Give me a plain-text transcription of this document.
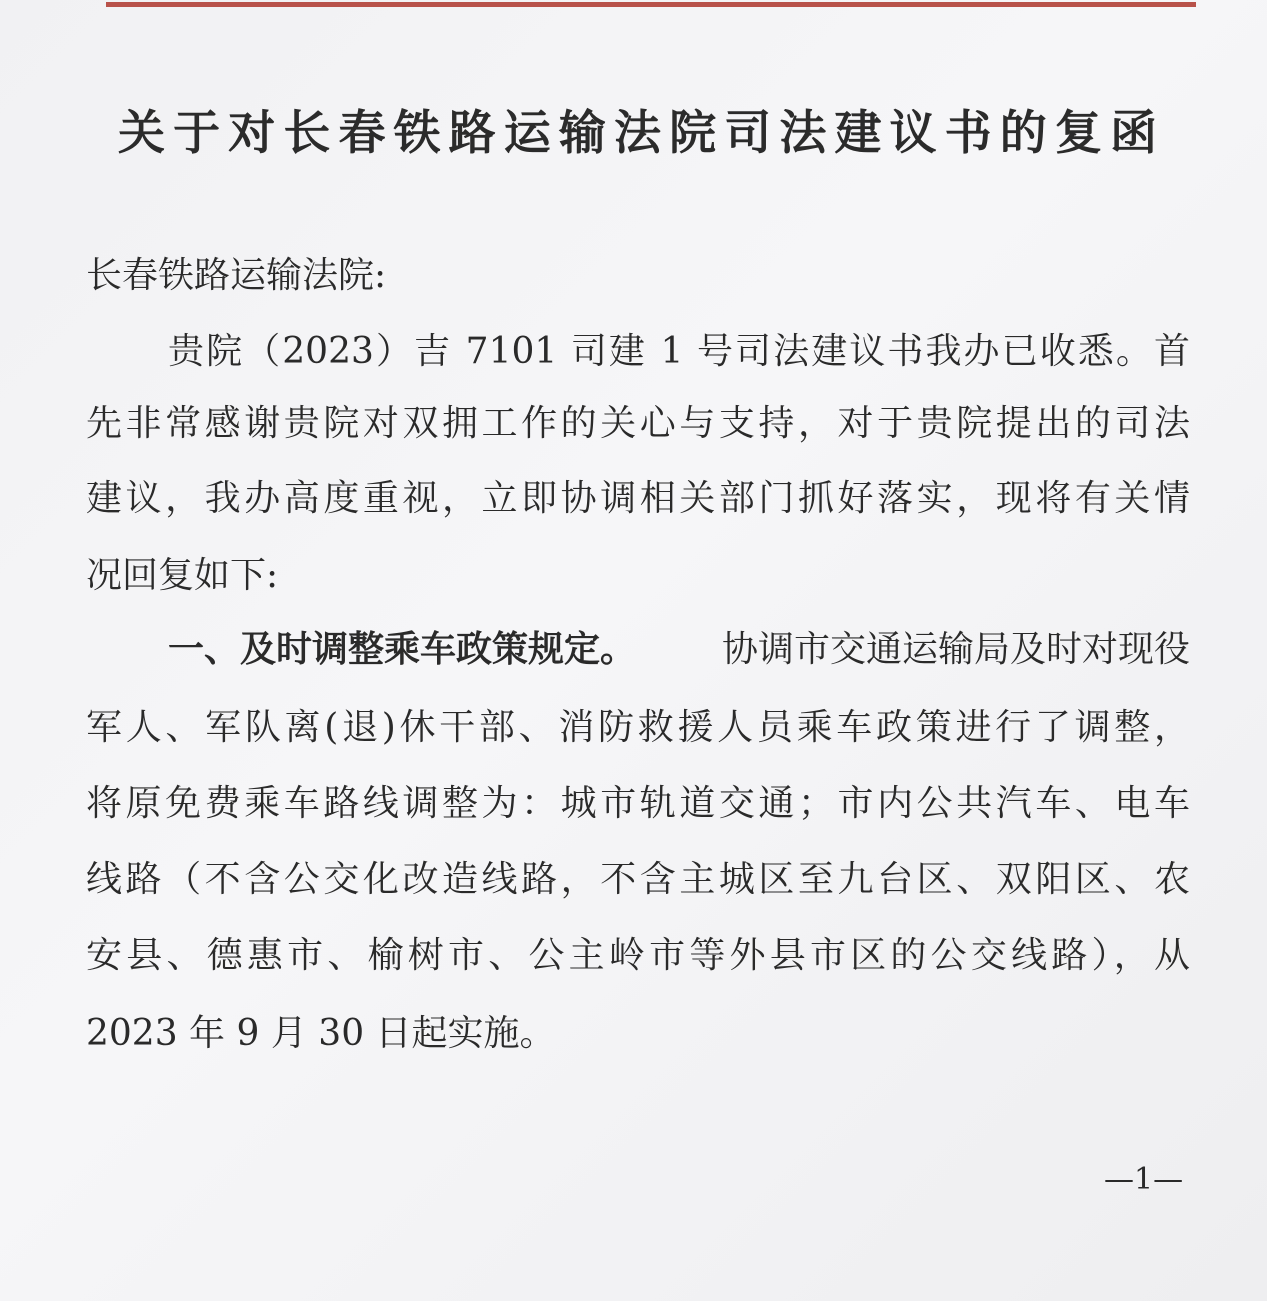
关于对长春铁路运输法院司法建议书的复函
长春铁路运输法院:
贵院（2023）吉 7101 司建 1 号司法建议书我办已收悉。首
先非常感谢贵院对双拥工作的关心与支持，对于贵院提出的司法
建议，我办高度重视，立即协调相关部门抓好落实，现将有关情
况回复如下:
一、及时调整乘车政策规定。 协调市交通运输局及时对现役
军人、军队离(退)休干部、消防救援人员乘车政策进行了调整，
将原免费乘车路线调整为：城市轨道交通；市内公共汽车、电车
线路（不含公交化改造线路，不含主城区至九台区、双阳区、农
安县、德惠市、榆树市、公主岭市等外县市区的公交线路），从
2023 年 9 月 30 日起实施。
—1—
